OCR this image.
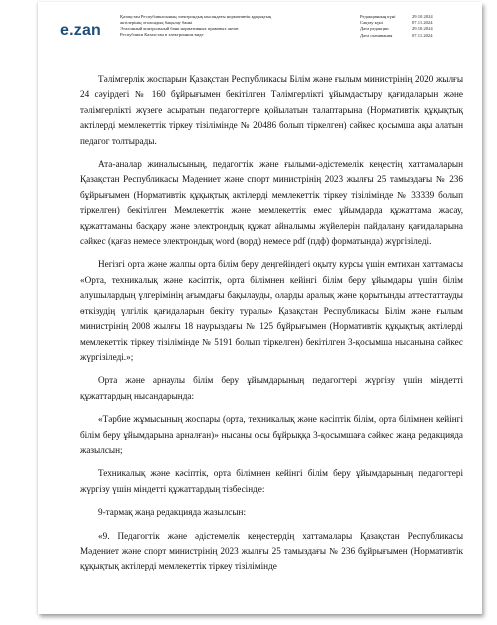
e.zan
Қазақстан Республикасының электрондық нысандағы нормативтік құқықтық
актілерінің эталондық бақылау банкі
Эталонный контрольный банк нормативных правовых актов
Республики Казахстан в электронном виде
Редакцияның күні	29.10.2024
Сақтау күні	07.11.2024
Дата редакции	29.10.2024
Дата скачивания	07.11.2024

Тәлімгерлік жоспарын Қазақстан Республикасы Білім және ғылым министрінің 2020 жылғы 24 сәуірдегі № 160 бұйрығымен бекітілген Тәлімгерлікті ұйымдастыру қағидаларын және тәлімгерлікті жүзеге асыратын педагогтерге қойылатын талаптарына (Нормативтік құқықтық актілерді мемлекеттік тіркеу тізілімінде № 20486 болып тіркелген) сәйкес қосымша ақы алатын педагог толтырады.

Ата-аналар жиналысының, педагогтік және ғылыми-әдістемелік кеңестің хаттамаларын Қазақстан Республикасы Мәдениет және спорт министрінің 2023 жылғы 25 тамыздағы № 236 бұйрығымен (Нормативтік құқықтық актілерді мемлекеттік тіркеу тізілімінде № 33339 болып тіркелген) бекітілген Мемлекеттік және мемлекеттік емес ұйымдарда құжаттама жасау, құжаттаманы басқару және электрондық құжат айналымы жүйелерін пайдалану қағидаларына сәйкес (қағаз немесе электрондық word (ворд) немесе pdf (пдф) форматында) жүргізіледі.

Негізгі орта және жалпы орта білім беру деңгейіндегі оқыту курсы үшін емтихан хаттамасы «Орта, техникалық және кәсіптік, орта білімнен кейінгі білім беру ұйымдары үшін білім алушылардың үлгерімінің ағымдағы бақылауды, оларды аралық және қорытынды аттестаттауды өткізудің үлгілік қағидаларын бекіту туралы» Қазақстан Республикасы Білім және ғылым министрінің 2008 жылғы 18 наурыздағы № 125 бұйрығымен (Нормативтік құқықтық актілерді мемлекеттік тіркеу тізілімінде № 5191 болып тіркелген) бекітілген 3-қосымша нысанына сәйкес жүргізіледі.»;

Орта және арнаулы білім беру ұйымдарының педагогтері жүргізу үшін міндетті құжаттардың нысандарында:

«Тәрбие жұмысының жоспары (орта, техникалық және кәсіптік білім, орта білімнен кейінгі білім беру ұйымдарына арналған)» нысаны осы бұйрыққа 3-қосымшаға сәйкес жаңа редакцияда жазылсын;

Техникалық және кәсіптік, орта білімнен кейінгі білім беру ұйымдарының педагогтері жүргізу үшін міндетті құжаттардың тізбесінде:

9-тармақ жаңа редакцияда жазылсын:

«9. Педагогтік және әдістемелік кеңестердің хаттамалары Қазақстан Республикасы Мәдениет және спорт министрінің 2023 жылғы 25 тамыздағы № 236 бұйрығымен (Нормативтік құқықтық актілерді мемлекеттік тіркеу тізілімінде
